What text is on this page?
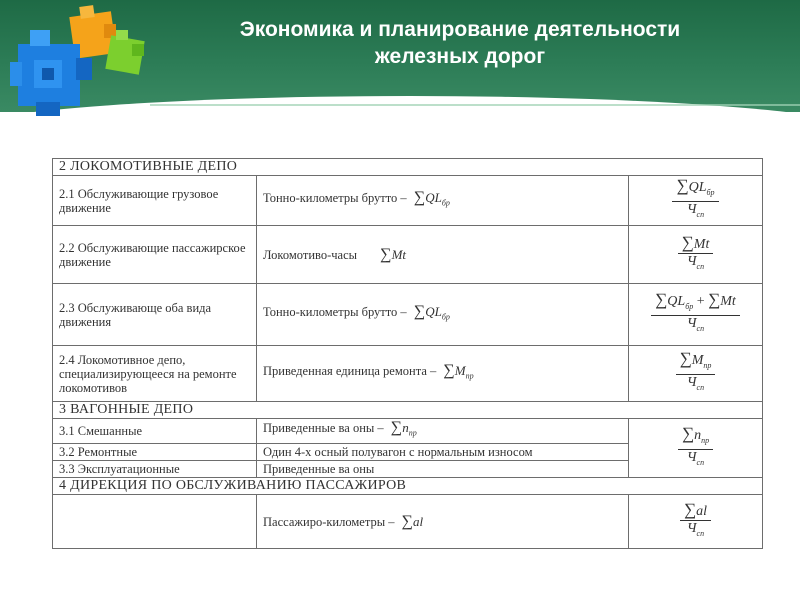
Экономика и планирование деятельности
железных дорог
2 ЛОКОМОТИВНЫЕ ДЕПО		
2.1 Обслуживающие грузовое движение	Тонно-километры брутто – $\sum QL_{бр}$	$\frac{\sum QL_{бр}}{Ч_{сп}}$

2.2 Обслуживающие пассажирское движение	Локомотиво-часы ∑Mt	$\frac{\sum Mt}{Ч_{сп}}$

2.3 Обслуживающе оба вида движения	Тонно-километры брутто – $\sum QL_{бр}$	$\frac{\sum QL_{бр} + \sum Mt}{Ч_{сп}}$

2.4 Локомотивное депо, специализирующееся на ремонте локомотивов	Приведенная единица ремонта – $\sum M_{пр}$	$\frac{\sum M_{пр}}{Ч_{сп}}$

3 ВАГОННЫЕ ДЕПО		
3.1 Смешанные	Приведенные ва оны – $\sum n_{пр}$	$\frac{\sum n_{пр}}{Ч_{сп}}$

3.2 Ремонтные	Один 4-х осный полувагон с нормальным износом	
3.3 Эксплуатационные	Приведенные ва оны	
4 ДИРЕКЦИЯ ПО ОБСЛУЖИВАНИЮ ПАССАЖИРОВ		
	Пассажиро-километры – ∑al	$\frac{\sum al}{Ч_{сп}}$
